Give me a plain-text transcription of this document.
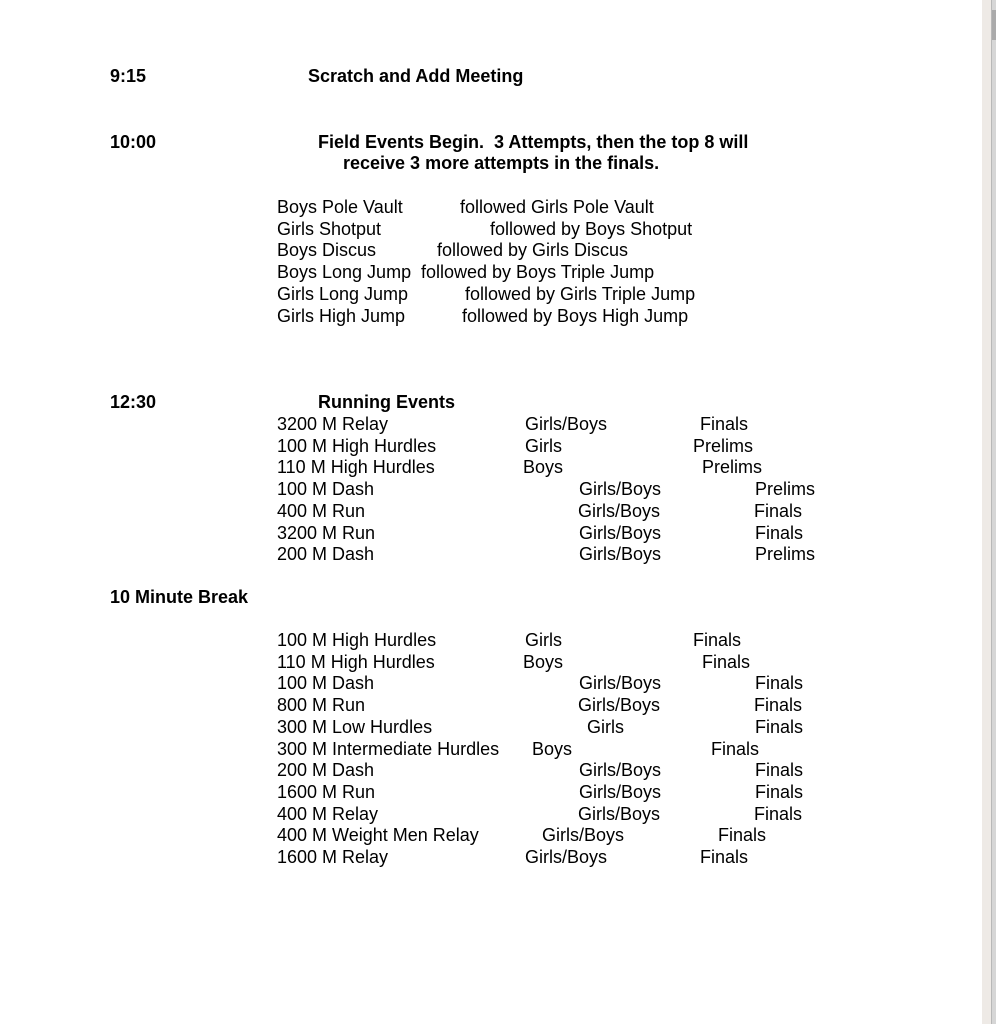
9:15	Scratch and Add Meeting
10:00	Field Events Begin.  3 Attempts, then the top 8 will
receive 3 more attempts in the finals.
Boys Pole Vault	followed Girls Pole Vault
Girls Shotput	followed by Boys Shotput
Boys Discus	followed by Girls Discus
Boys Long Jump followed by Boys Triple Jump
Girls Long Jump	followed by Girls Triple Jump
Girls High Jump	followed by Boys High Jump
12:30	Running Events
3200 M Relay	Girls/Boys	Finals
100 M High Hurdles	Girls	Prelims
110 M High Hurdles	Boys	Prelims
100 M Dash	Girls/Boys	Prelims
400 M Run	Girls/Boys	Finals
3200 M Run	Girls/Boys	Finals
200 M Dash	Girls/Boys	Prelims
10 Minute Break
100 M High Hurdles	Girls	Finals
110 M High Hurdles	Boys	Finals
100 M Dash	Girls/Boys	Finals
800 M Run	Girls/Boys	Finals
300 M Low Hurdles	Girls	Finals
300 M Intermediate Hurdles Boys	Finals
200 M Dash	Girls/Boys	Finals
1600 M Run	Girls/Boys	Finals
400 M Relay	Girls/Boys	Finals
400 M Weight Men Relay	Girls/Boys	Finals
1600 M Relay	Girls/Boys	Finals
